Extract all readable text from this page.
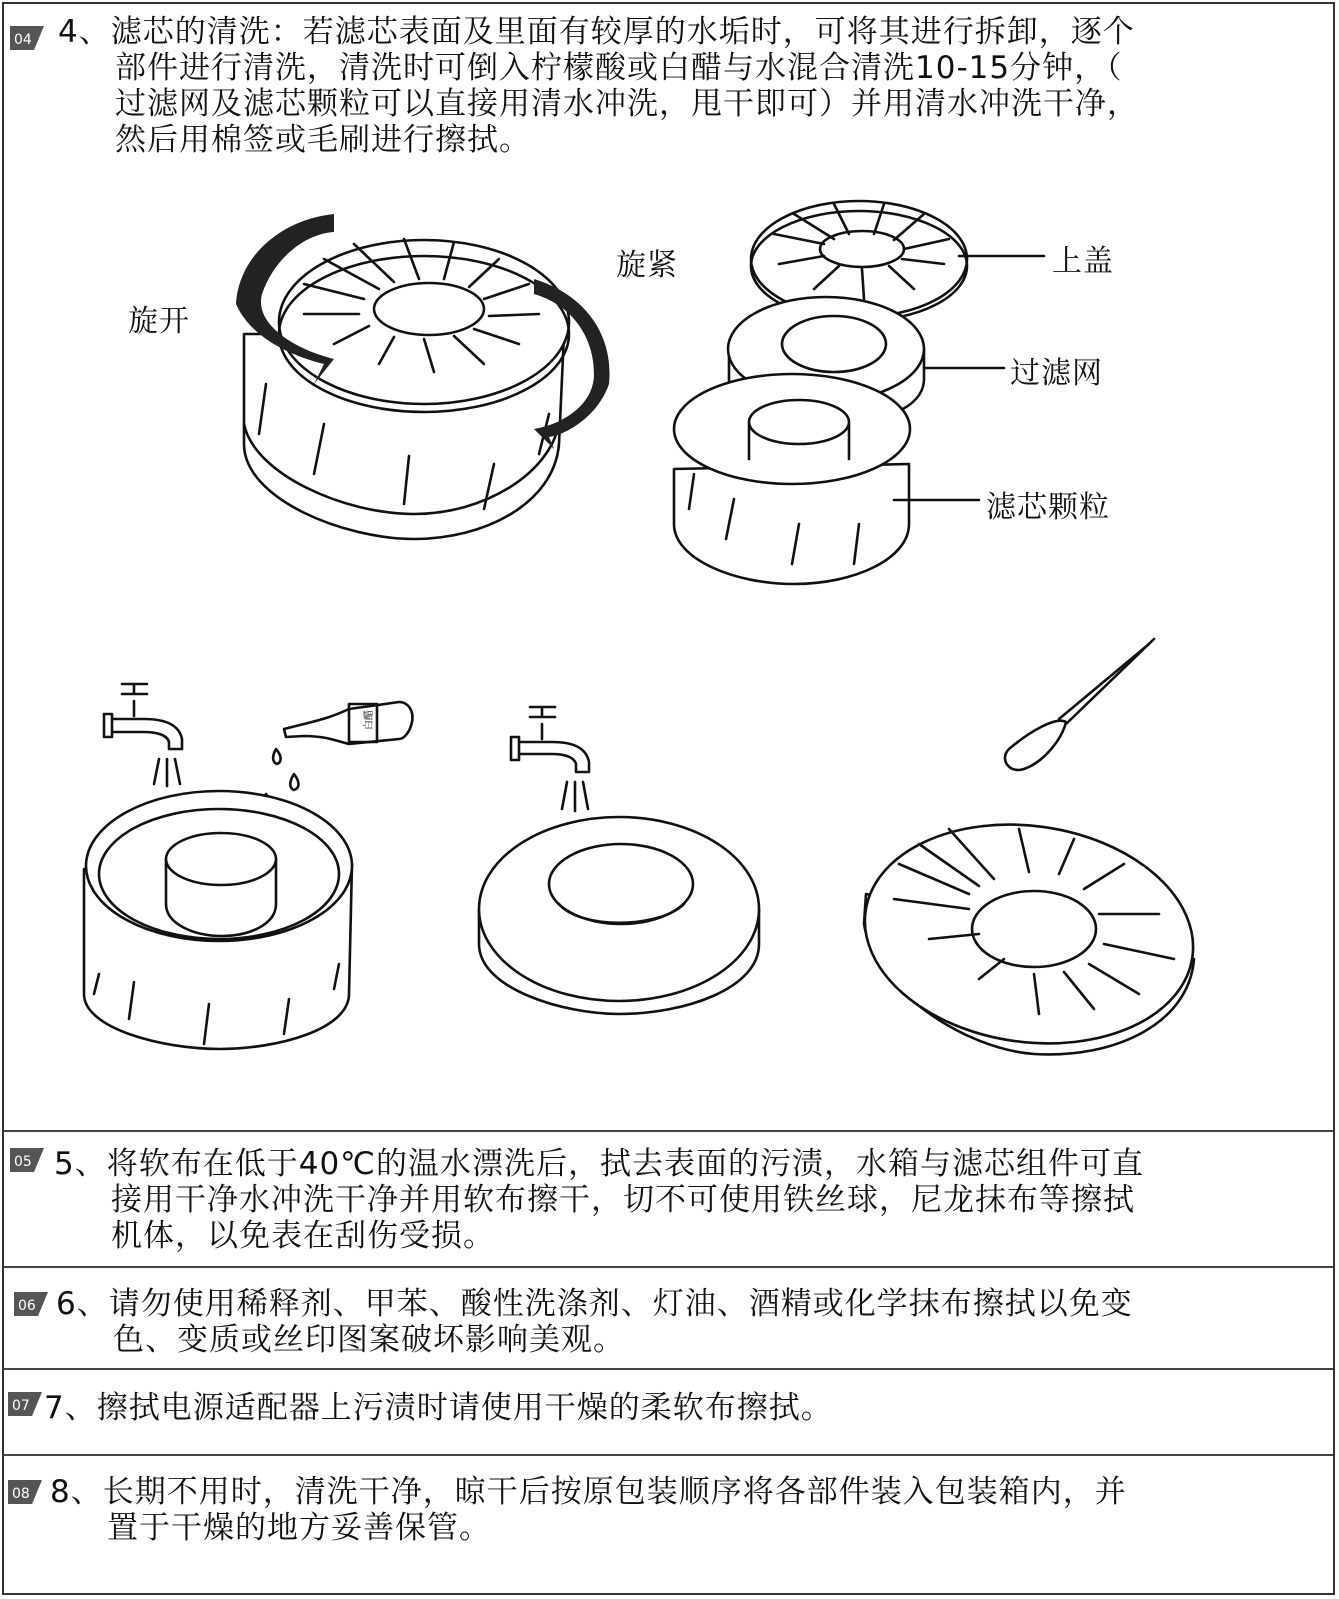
04 4、滤芯的清洗：若滤芯表面及里面有较厚的水垢时，可将其进行拆卸，逐个
部件进行清洗，清洗时可倒入柠檬酸或白醋与水混合清洗10-15分钟，（
过滤网及滤芯颗粒可以直接用清水冲洗，甩干即可）并用清水冲洗干净，
然后用棉签或毛刷进行擦拭。
旋开
旋紧	上盖
过滤网
滤芯颗粒
白醋
05 5、将软布在低于40℃的温水漂洗后，拭去表面的污渍，水箱与滤芯组件可直
接用干净水冲洗干净并用软布擦干，切不可使用铁丝球，尼龙抹布等擦拭
机体，以免表在刮伤受损。
06 6、请勿使用稀释剂、甲苯、酸性洗涤剂、灯油、酒精或化学抹布擦拭以免变
色、变质或丝印图案破坏影响美观。
07 7、擦拭电源适配器上污渍时请使用干燥的柔软布擦拭。
08 8、长期不用时，清洗干净，晾干后按原包装顺序将各部件装入包装箱内，并
置于干燥的地方妥善保管。
